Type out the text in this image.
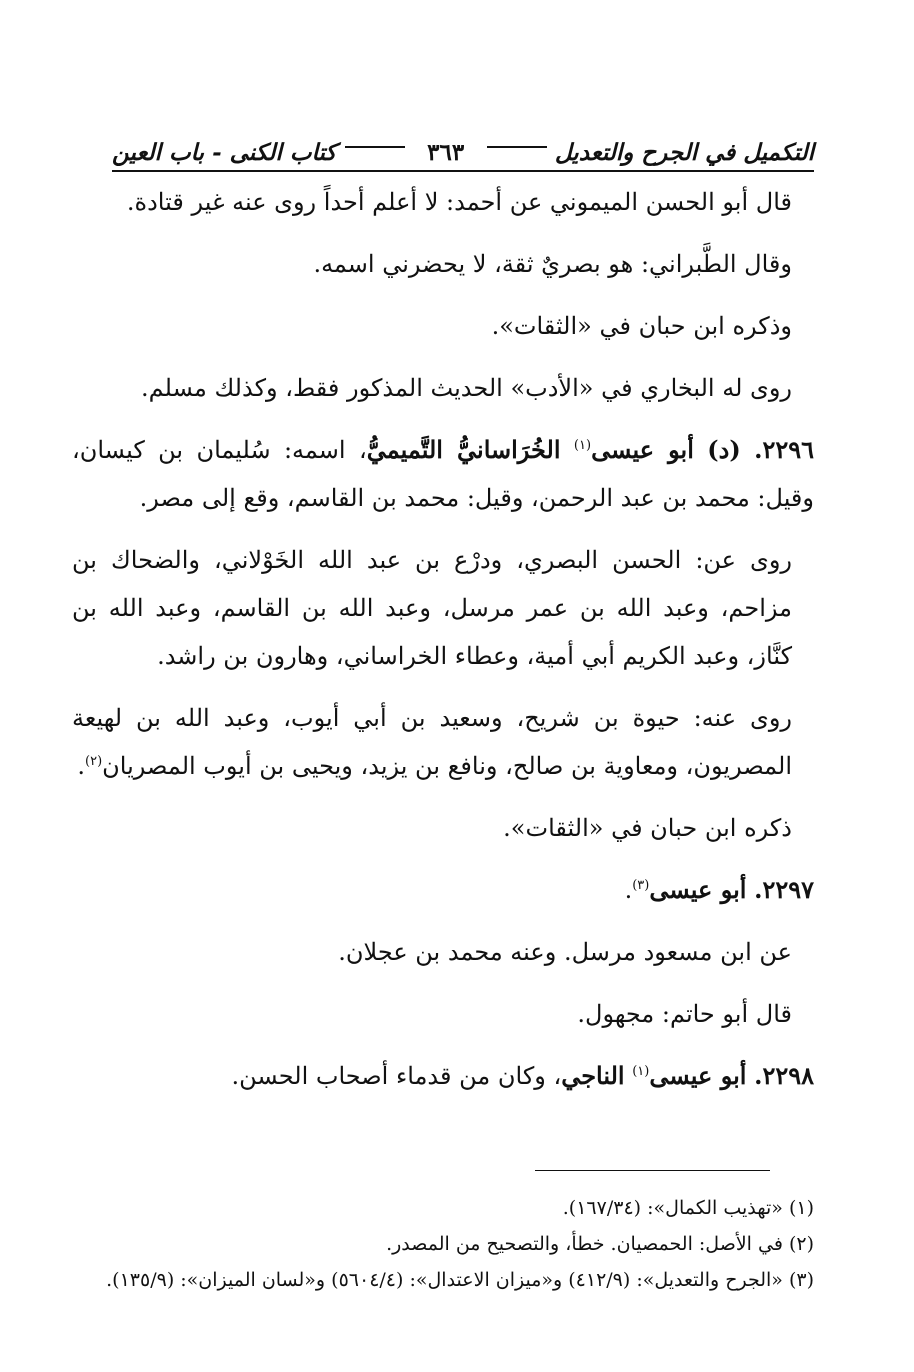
التكميل في الجرح والتعديل
٣٦٣
كتاب الكنى - باب العين

قال أبو الحسن الميموني عن أحمد: لا أعلم أحداً روى عنه غير قتادة.

وقال الطَّبراني: هو بصريٌ ثقة، لا يحضرني اسمه.

وذكره ابن حبان في «الثقات».

روى له البخاري في «الأدب» الحديث المذكور فقط، وكذلك مسلم.

٢٢٩٦. (د) أبو عيسى$^{(١)}$ الخُرَاسانيُّ التَّميميُّ، اسمه: سُليمان بن كيسان، وقيل: محمد بن عبد الرحمن، وقيل: محمد بن القاسم، وقع إلى مصر.

روى عن: الحسن البصري، ودرْع بن عبد الله الخَوْلاني، والضحاك بن مزاحم، وعبد الله بن عمر مرسل، وعبد الله بن القاسم، وعبد الله بن كنَّاز، وعبد الكريم أبي أمية، وعطاء الخراساني، وهارون بن راشد.

روى عنه: حيوة بن شريح، وسعيد بن أبي أيوب، وعبد الله بن لهيعة المصريون، ومعاوية بن صالح، ونافع بن يزيد، ويحيى بن أيوب المصريان$^{(٢)}$.

ذكره ابن حبان في «الثقات».

٢٢٩٧. أبو عيسى$^{(٣)}$.

عن ابن مسعود مرسل. وعنه محمد بن عجلان.

قال أبو حاتم: مجهول.

٢٢٩٨. أبو عيسى$^{(١)}$ الناجي، وكان من قدماء أصحاب الحسن.

(١) «تهذيب الكمال»: (١٦٧/٣٤).
(٢) في الأصل: الحمصيان. خطأ، والتصحيح من المصدر.
(٣) «الجرح والتعديل»: (٤١٢/٩) و«ميزان الاعتدال»: (٥٦٠٤/٤) و«لسان الميزان»: (١٣٥/٩).
